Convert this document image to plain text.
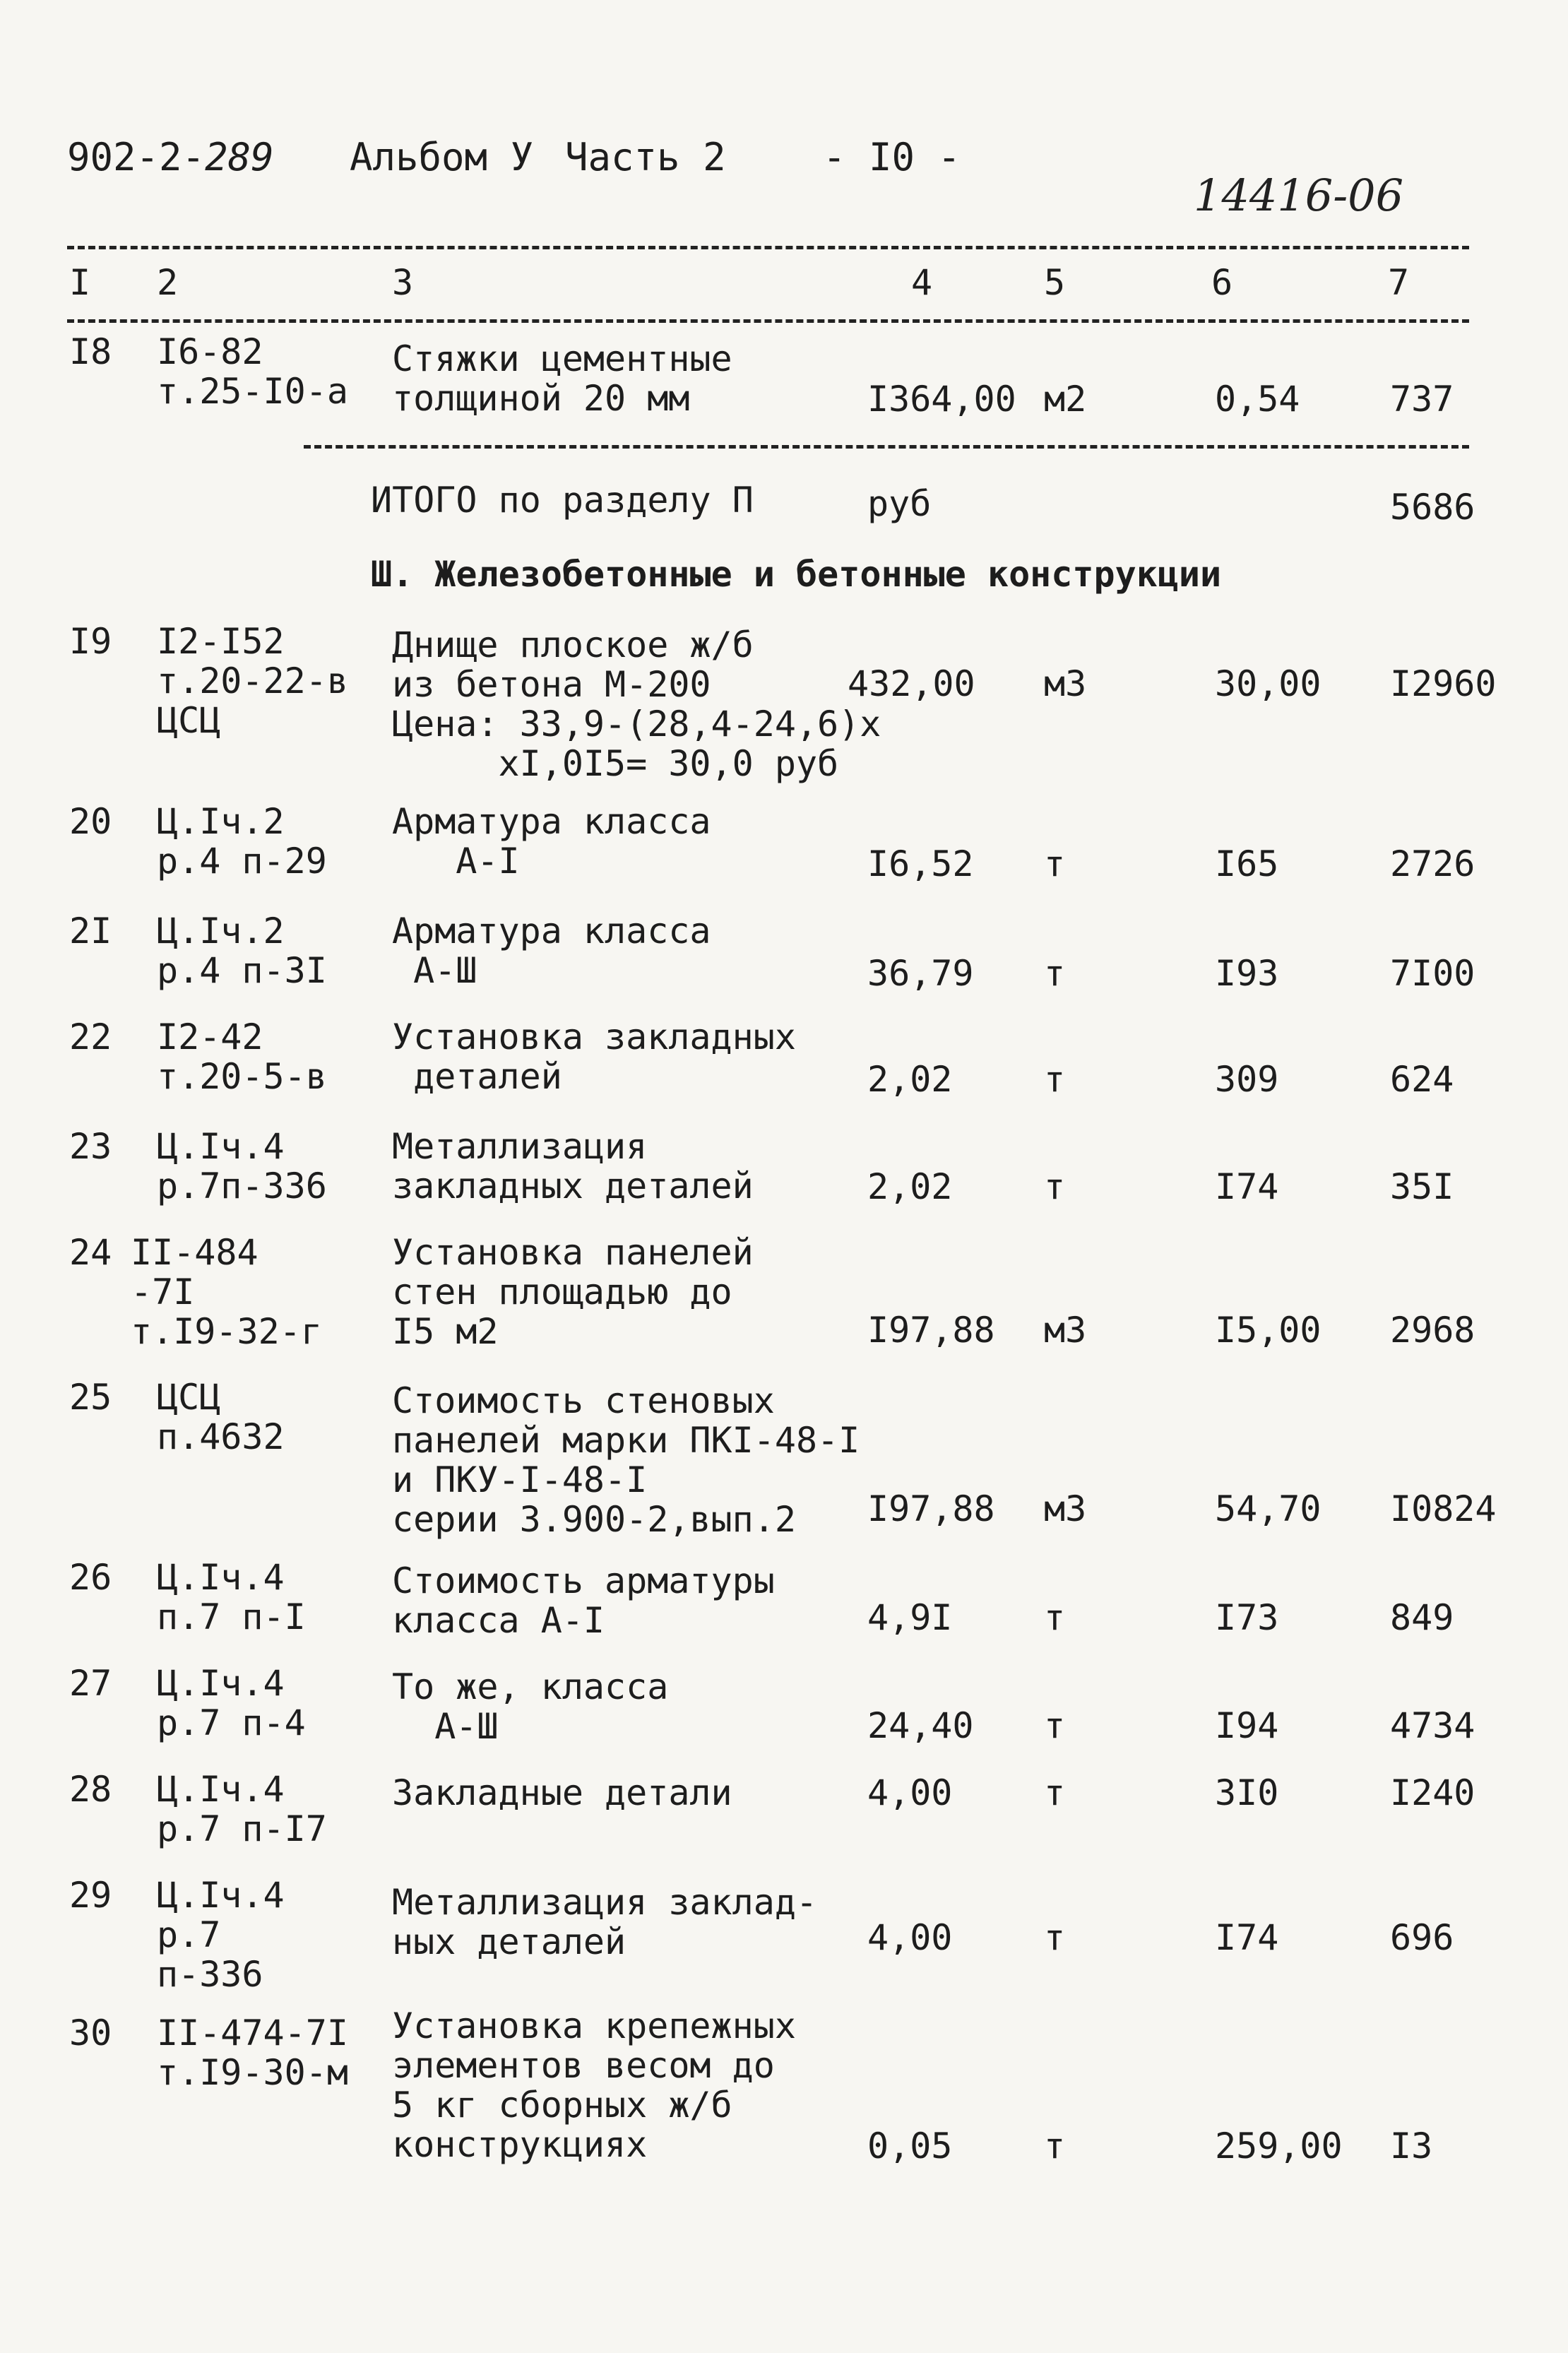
902-2-289 Альбом У Часть 2	- I0 -
14416-06
I 2	3	4	5	6	7
I8 I6-82
т.25-I0-а
Стяжки цементные
толщиной 20 мм	I364,00 м2	0,54	737
ИТОГО по разделу П	руб	5686
Ш. Железобетонные и бетонные конструкции
I9 I2-I52
т.20-22-в
ЦСЦ
Днище плоское ж/б
из бетона М-200
Цена: 33,9-(28,4-24,6)х
хI,0I5= 30,0 руб
432,00 м3	30,00 I2960
20 Ц.Iч.2
р.4 п-29
Арматура класса
А-I	I6,52 т	I65	2726
2I Ц.Iч.2
р.4 п-3I
Арматура класса
А-Ш	36,79 т	I93	7I00
22 I2-42
т.20-5-в
Установка закладных
деталей	2,02	т	309	624
23 Ц.Iч.4
р.7п-336
Металлизация
закладных деталей	2,02	т	I74	35I
24 II-484
-7I
т.I9-32-г
Установка панелей
стен площадью до
I5 м2	I97,88 м3	I5,00 2968
25 ЦСЦ
п.4632
Стоимость стеновых
панелей марки ПКI-48-I
и ПКУ-I-48-I
серии 3.900-2,вып.2	I97,88 м3	54,70 I0824
26 Ц.Iч.4
п.7 п-I
Стоимость арматуры
класса А-I	4,9I	т	I73	849
27 Ц.Iч.4
р.7 п-4
То же, класса
А-Ш	24,40 т	I94	4734
28 Ц.Iч.4
р.7 п-I7
Закладные детали	4,00	т	3I0	I240
29 Ц.Iч.4
р.7
п-336
Металлизация заклад-
ных деталей	4,00	т	I74	696
30 II-474-7I
т.I9-30-м
Установка крепежных
элементов весом до
5 кг сборных ж/б
конструкциях	0,05	т	259,00 I3
